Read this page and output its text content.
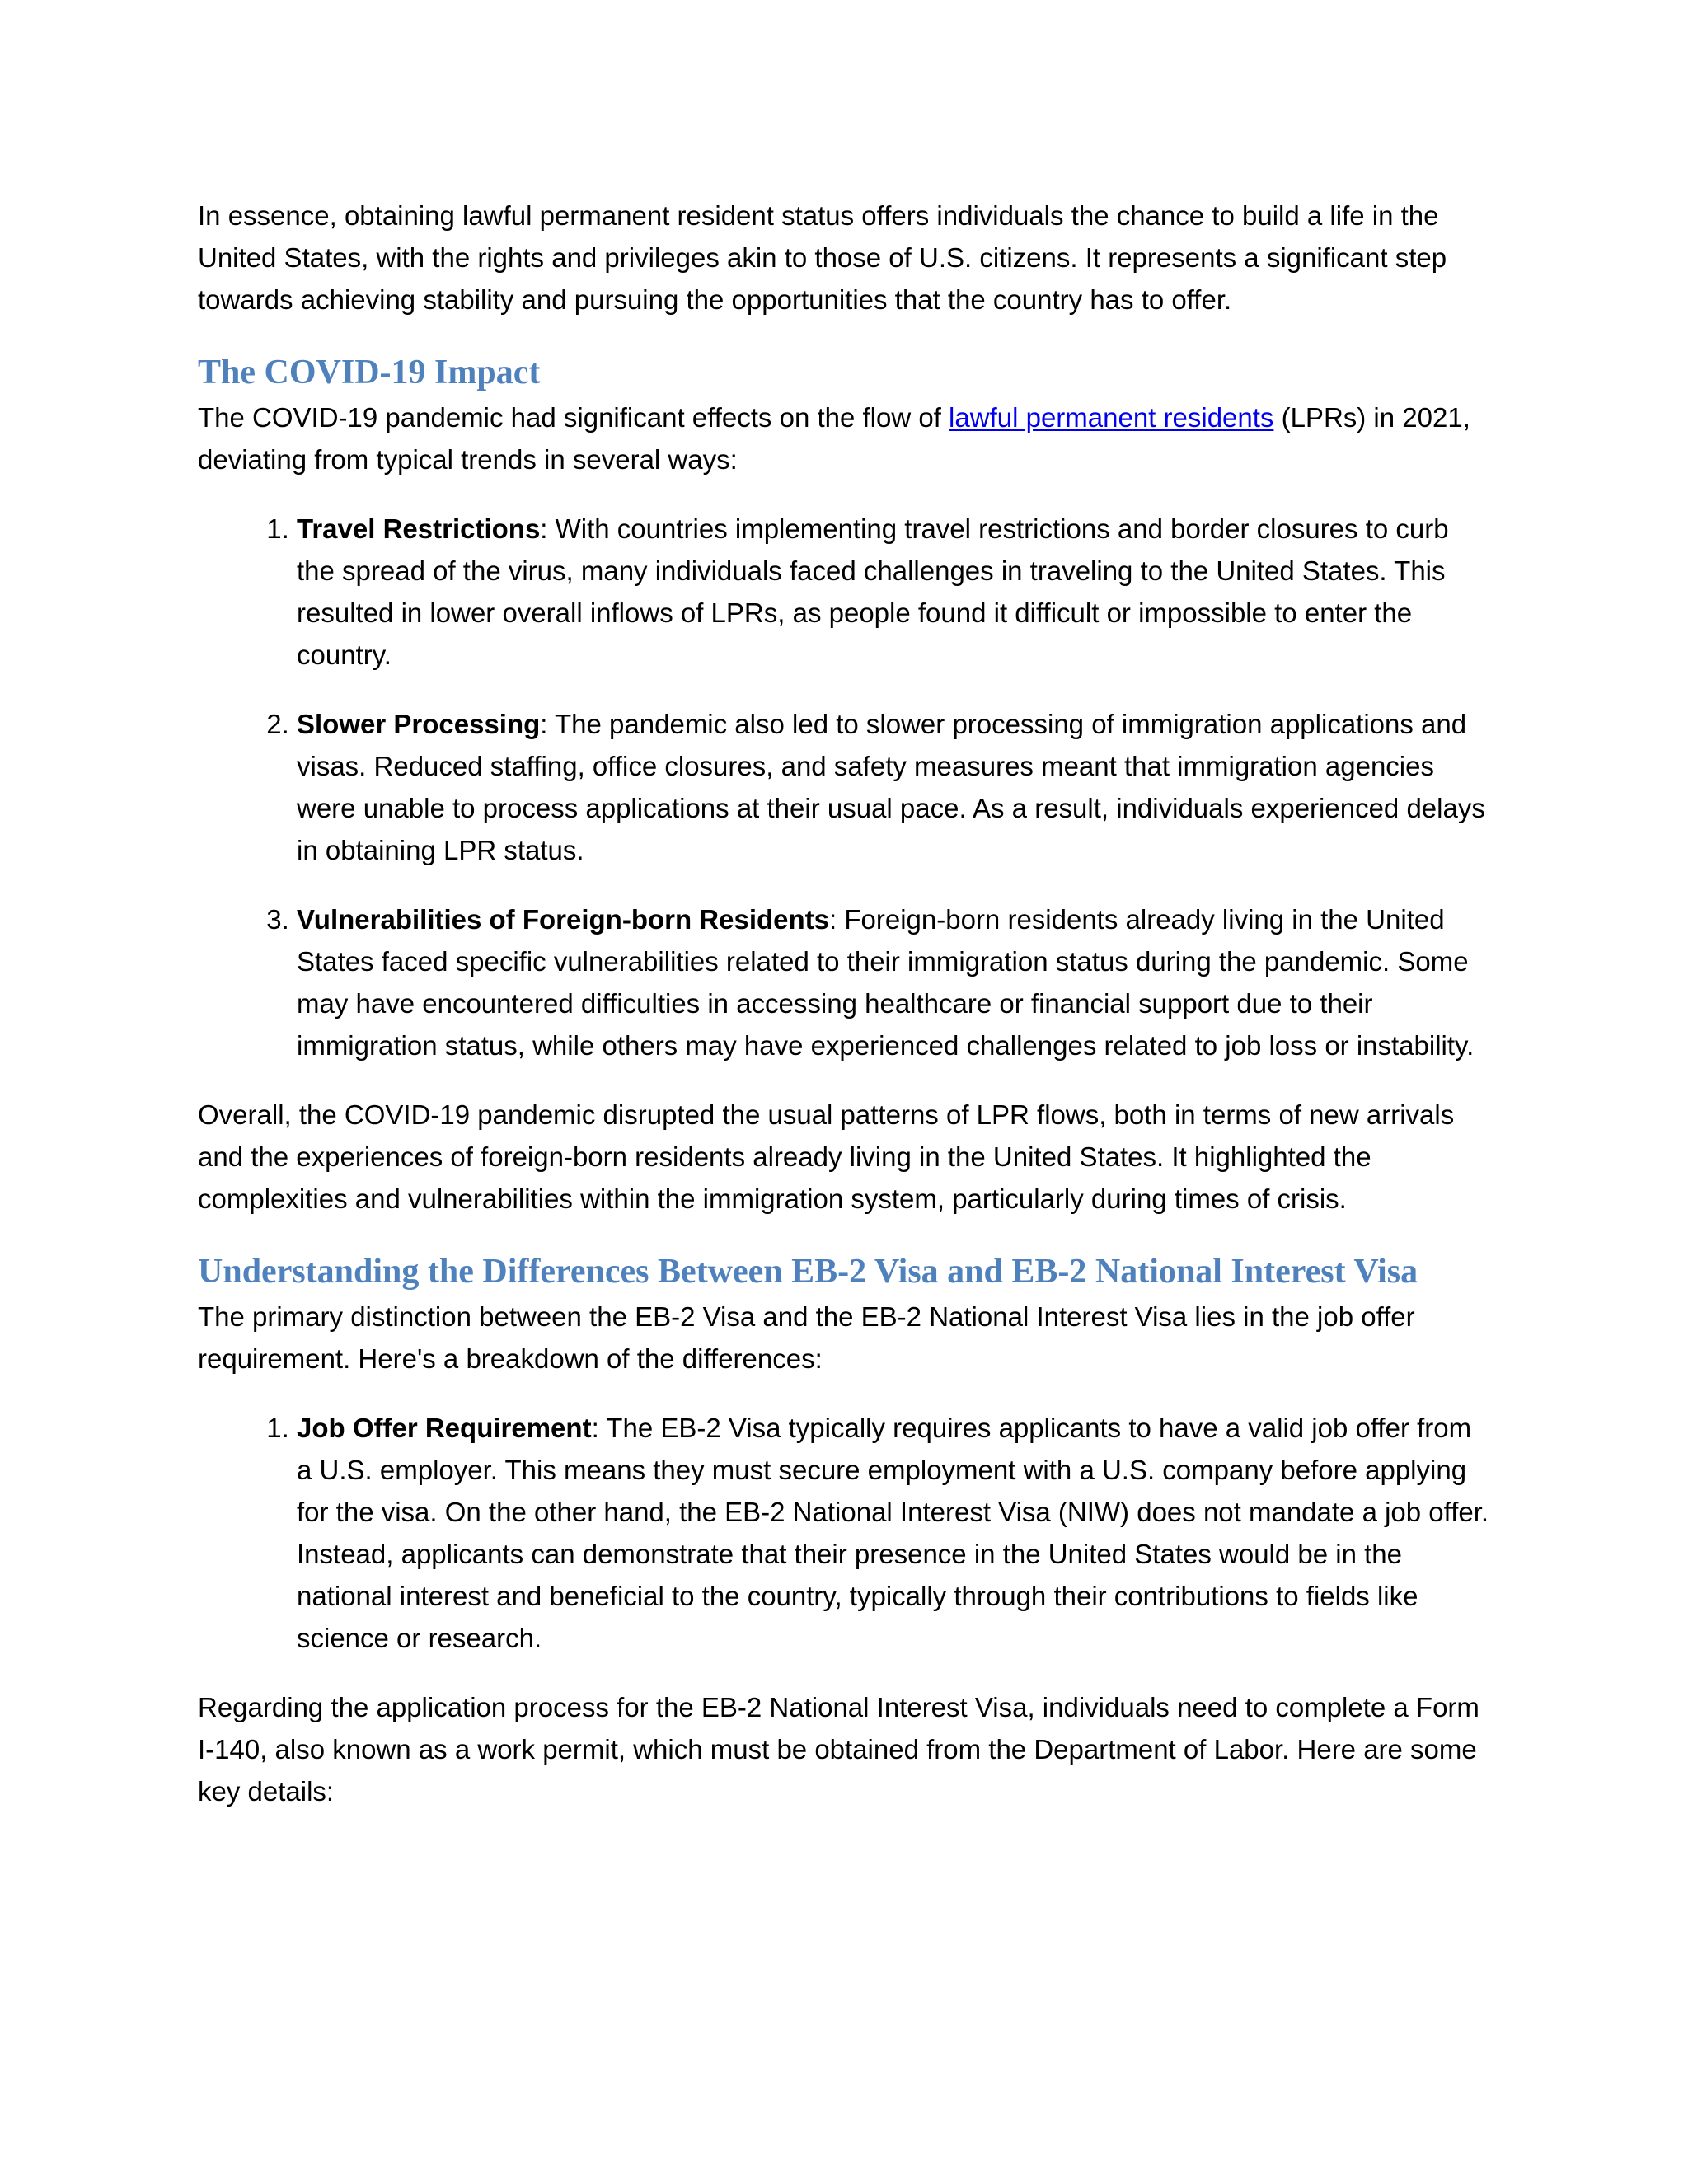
In essence, obtaining lawful permanent resident status offers individuals the chance to build a life in the United States, with the rights and privileges akin to those of U.S. citizens. It represents a significant step towards achieving stability and pursuing the opportunities that the country has to offer.

The COVID-19 Impact

The COVID-19 pandemic had significant effects on the flow of lawful permanent residents (LPRs) in 2021, deviating from typical trends in several ways:

1. Travel Restrictions: With countries implementing travel restrictions and border closures to curb the spread of the virus, many individuals faced challenges in traveling to the United States. This resulted in lower overall inflows of LPRs, as people found it difficult or impossible to enter the country.
2. Slower Processing: The pandemic also led to slower processing of immigration applications and visas. Reduced staffing, office closures, and safety measures meant that immigration agencies were unable to process applications at their usual pace. As a result, individuals experienced delays in obtaining LPR status.
3. Vulnerabilities of Foreign-born Residents: Foreign-born residents already living in the United States faced specific vulnerabilities related to their immigration status during the pandemic. Some may have encountered difficulties in accessing healthcare or financial support due to their immigration status, while others may have experienced challenges related to job loss or instability.

Overall, the COVID-19 pandemic disrupted the usual patterns of LPR flows, both in terms of new arrivals and the experiences of foreign-born residents already living in the United States. It highlighted the complexities and vulnerabilities within the immigration system, particularly during times of crisis.

Understanding the Differences Between EB-2 Visa and EB-2 National Interest Visa

The primary distinction between the EB-2 Visa and the EB-2 National Interest Visa lies in the job offer requirement. Here's a breakdown of the differences:

1. Job Offer Requirement: The EB-2 Visa typically requires applicants to have a valid job offer from a U.S. employer. This means they must secure employment with a U.S. company before applying for the visa. On the other hand, the EB-2 National Interest Visa (NIW) does not mandate a job offer. Instead, applicants can demonstrate that their presence in the United States would be in the national interest and beneficial to the country, typically through their contributions to fields like science or research.

Regarding the application process for the EB-2 National Interest Visa, individuals need to complete a Form I-140, also known as a work permit, which must be obtained from the Department of Labor. Here are some key details:
